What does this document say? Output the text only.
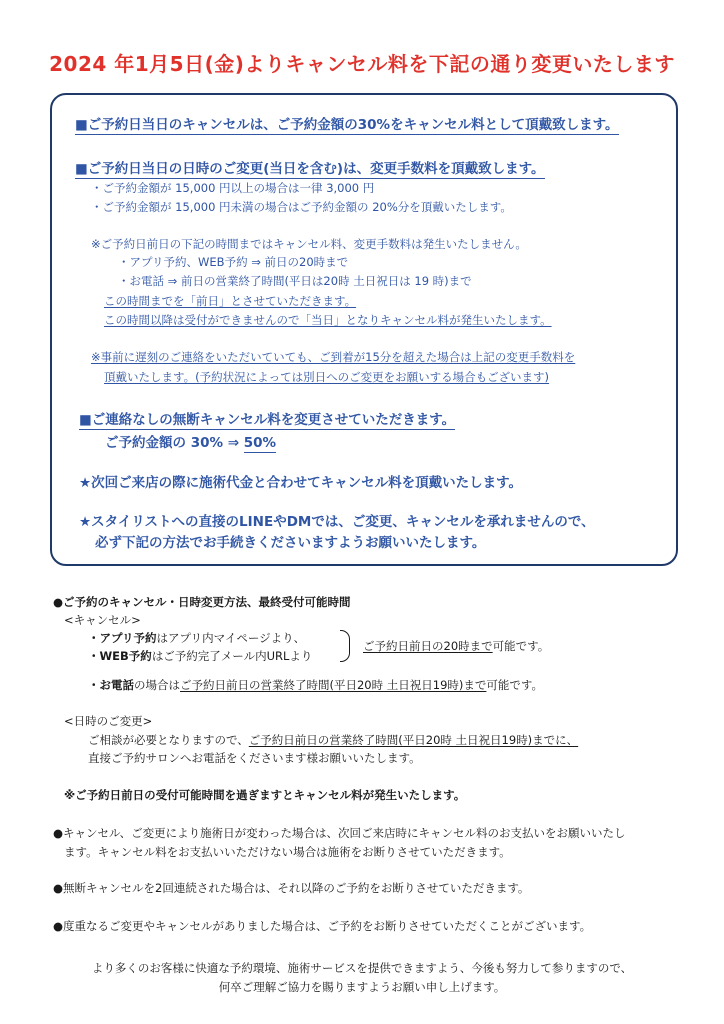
2024 年1月5日(金)よりキャンセル料を下記の通り変更いたします
■ご予約日当日のキャンセルは、ご予約金額の30%をキャンセル料として頂戴致します。
■ご予約日当日の日時のご変更(当日を含む)は、変更手数料を頂戴致します。
・ご予約金額が 15,000 円以上の場合は一律 3,000 円
・ご予約金額が 15,000 円未満の場合はご予約金額の 20%分を頂戴いたします。
※ご予約日前日の下記の時間まではキャンセル料、変更手数料は発生いたしません。
・アプリ予約、WEB予約 ⇒ 前日の20時まで
・お電話 ⇒ 前日の営業終了時間(平日は20時 土日祝日は 19 時)まで
この時間までを「前日」とさせていただきます。
この時間以降は受付ができませんので「当日」となりキャンセル料が発生いたします。
※事前に遅刻のご連絡をいただいていても、ご到着が15分を超えた場合は上記の変更手数料を
頂戴いたします。(予約状況によっては別日へのご変更をお願いする場合もございます)
■ご連絡なしの無断キャンセル料を変更させていただきます。
ご予約金額の 30% ⇒ 50%
★次回ご来店の際に施術代金と合わせてキャンセル料を頂戴いたします。
★スタイリストへの直接のLINEやDMでは、ご変更、キャンセルを承れませんので、
必ず下記の方法でお手続きくださいますようお願いいたします。
●ご予約のキャンセル・日時変更方法、最終受付可能時間
<キャンセル>
・アプリ予約はアプリ内マイページより、
・WEB予約はご予約完了メール内URLより
ご予約日前日の20時まで可能です。
・お電話の場合はご予約日前日の営業終了時間(平日20時 土日祝日19時)まで可能です。
<日時のご変更>
ご相談が必要となりますので、ご予約日前日の営業終了時間(平日20時 土日祝日19時)までに、
直接ご予約サロンへお電話をくださいます様お願いいたします。
※ご予約日前日の受付可能時間を過ぎますとキャンセル料が発生いたします。
●キャンセル、ご変更により施術日が変わった場合は、次回ご来店時にキャンセル料のお支払いをお願いいたし
ます。キャンセル料をお支払いいただけない場合は施術をお断りさせていただきます。
●無断キャンセルを2回連続された場合は、それ以降のご予約をお断りさせていただきます。
●度重なるご変更やキャンセルがありました場合は、ご予約をお断りさせていただくことがございます。
より多くのお客様に快適な予約環境、施術サービスを提供できますよう、今後も努力して参りますので、
何卒ご理解ご協力を賜りますようお願い申し上げます。
